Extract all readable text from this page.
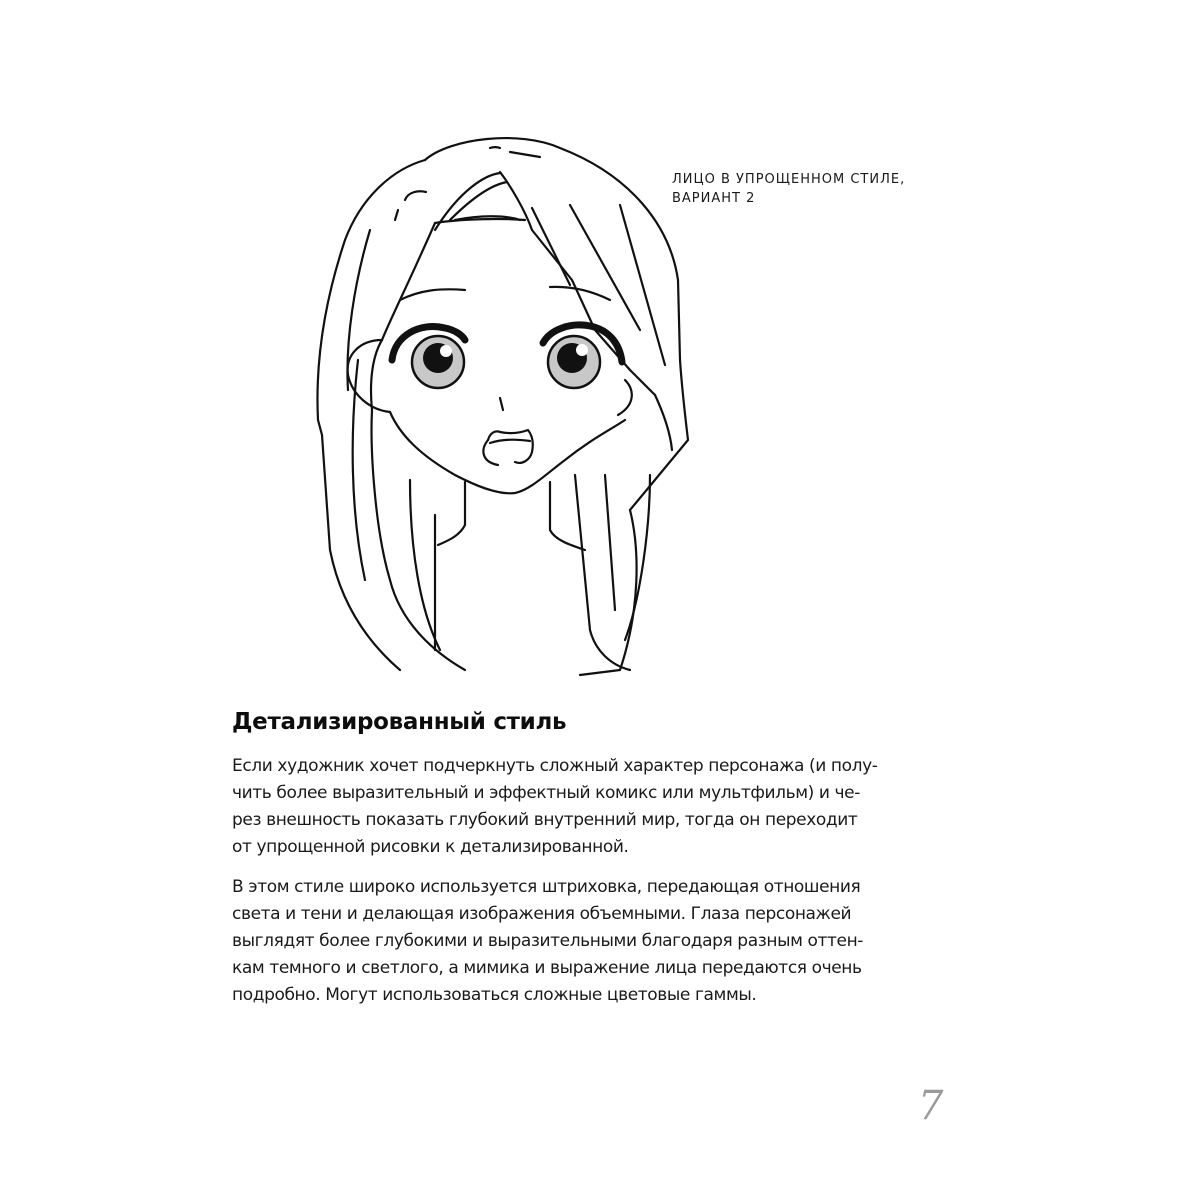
ЛИЦО В УПРОЩЕННОМ СТИЛЕ,
ВАРИАНТ 2
Детализированный стиль

Если художник хочет подчеркнуть сложный характер персонажа (и полу-
чить более выразительный и эффектный комикс или мультфильм) и че-
рез внешность показать глубокий внутренний мир, тогда он переходит
от упрощенной рисовки к детализированной.

В этом стиле широко используется штриховка, передающая отношения
света и тени и делающая изображения объемными. Глаза персонажей
выглядят более глубокими и выразительными благодаря разным оттен-
кам темного и светлого, а мимика и выражение лица передаются очень
подробно. Могут использоваться сложные цветовые гаммы.

7
